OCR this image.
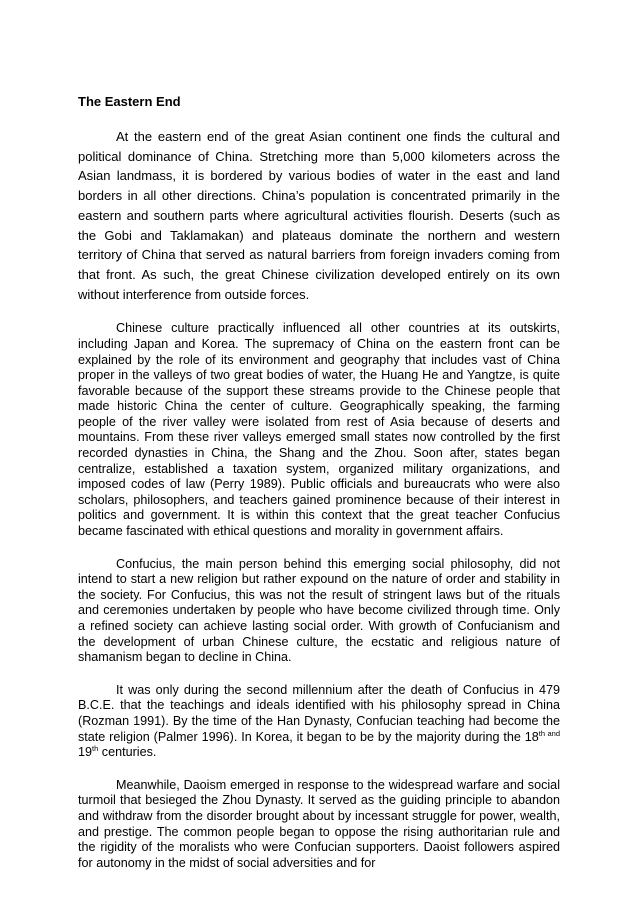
The Eastern End

At the eastern end of the great Asian continent one finds the cultural and political dominance of China. Stretching more than 5,000 kilometers across the Asian landmass, it is bordered by various bodies of water in the east and land borders in all other directions. China’s population is concentrated primarily in the eastern and southern parts where agricultural activities flourish. Deserts (such as the Gobi and Taklamakan) and plateaus dominate the northern and western territory of China that served as natural barriers from foreign invaders coming from that front. As such, the great Chinese civilization developed entirely on its own without interference from outside forces.

Chinese culture practically influenced all other countries at its outskirts, including Japan and Korea. The supremacy of China on the eastern front can be explained by the role of its environment and geography that includes vast of China proper in the valleys of two great bodies of water, the Huang He and Yangtze, is quite favorable because of the support these streams provide to the Chinese people that made historic China the center of culture. Geographically speaking, the farming people of the river valley were isolated from rest of Asia because of deserts and mountains. From these river valleys emerged small states now controlled by the first recorded dynasties in China, the Shang and the Zhou. Soon after, states began centralize, established a taxation system, organized military organizations, and imposed codes of law (Perry 1989). Public officials and bureaucrats who were also scholars, philosophers, and teachers gained prominence because of their interest in politics and government. It is within this context that the great teacher Confucius became fascinated with ethical questions and morality in government affairs.

Confucius, the main person behind this emerging social philosophy, did not intend to start a new religion but rather expound on the nature of order and stability in the society. For Confucius, this was not the result of stringent laws but of the rituals and ceremonies undertaken by people who have become civilized through time. Only a refined society can achieve lasting social order. With growth of Confucianism and the development of urban Chinese culture, the ecstatic and religious nature of shamanism began to decline in China.

It was only during the second millennium after the death of Confucius in 479 B.C.E. that the teachings and ideals identified with his philosophy spread in China (Rozman 1991). By the time of the Han Dynasty, Confucian teaching had become the state religion (Palmer 1996). In Korea, it began to be by the majority during the $18^{th and}$ 19th centuries.

Meanwhile, Daoism emerged in response to the widespread warfare and social turmoil that besieged the Zhou Dynasty. It served as the guiding principle to abandon and withdraw from the disorder brought about by incessant struggle for power, wealth, and prestige. The common people began to oppose the rising authoritarian rule and the rigidity of the moralists who were Confucian supporters. Daoist followers aspired for autonomy in the midst of social adversities and for
